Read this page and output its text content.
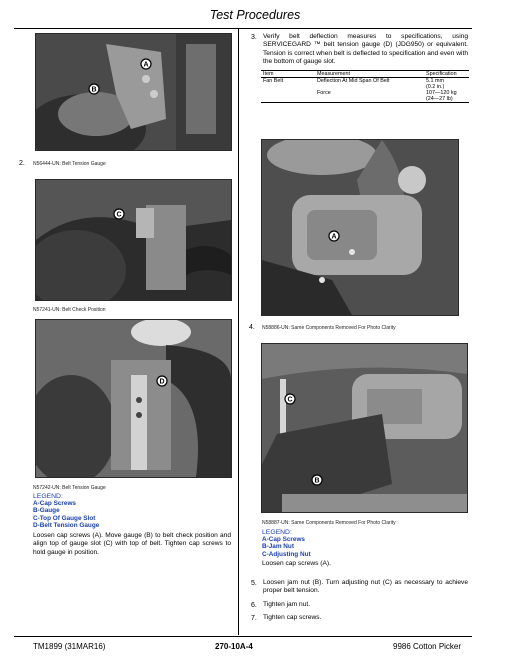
Test Procedures
A
B
2. N56444-UN: Belt Tension Gauge
C
N57241-UN: Belt Check Position
D
N57242-UN: Belt Tension Gauge
LEGEND:
A-Cap Screws
B-Gauge
C-Top Of Gauge Slot
D-Belt Tension Gauge
Loosen cap screws (A). Move gauge (B) to belt check position and align top of gauge slot (C) with top of belt. Tighten cap screws to hold gauge in position.
3. Verify belt deflection measures to specifications, using SERVICEGARD ™ belt tension gauge (D) (JDG950) or equivalent. Tension is correct when belt is deflected to specification and even with the bottom of gauge slot.
Item	Measurement	Specification
Fan Belt	Deflection At Mid Span Of Belt	5.1 mm
(0.2 in.)

	Force	107—120 kg
(24—27 lb)
A
4. N58886-UN: Same Components Removed For Photo Clarity
C
B
N58887-UN: Same Components Removed For Photo Clarity
LEGEND:
A-Cap Screws
B-Jam Nut
C-Adjusting Nut
Loosen cap screws (A).
5. Loosen jam nut (B). Turn adjusting nut (C) as necessary to achieve proper belt tension.
6. Tighten jam nut.
7. Tighten cap screws.
TM1899 (31MAR16)	270-10A-4	9986 Cotton Picker
